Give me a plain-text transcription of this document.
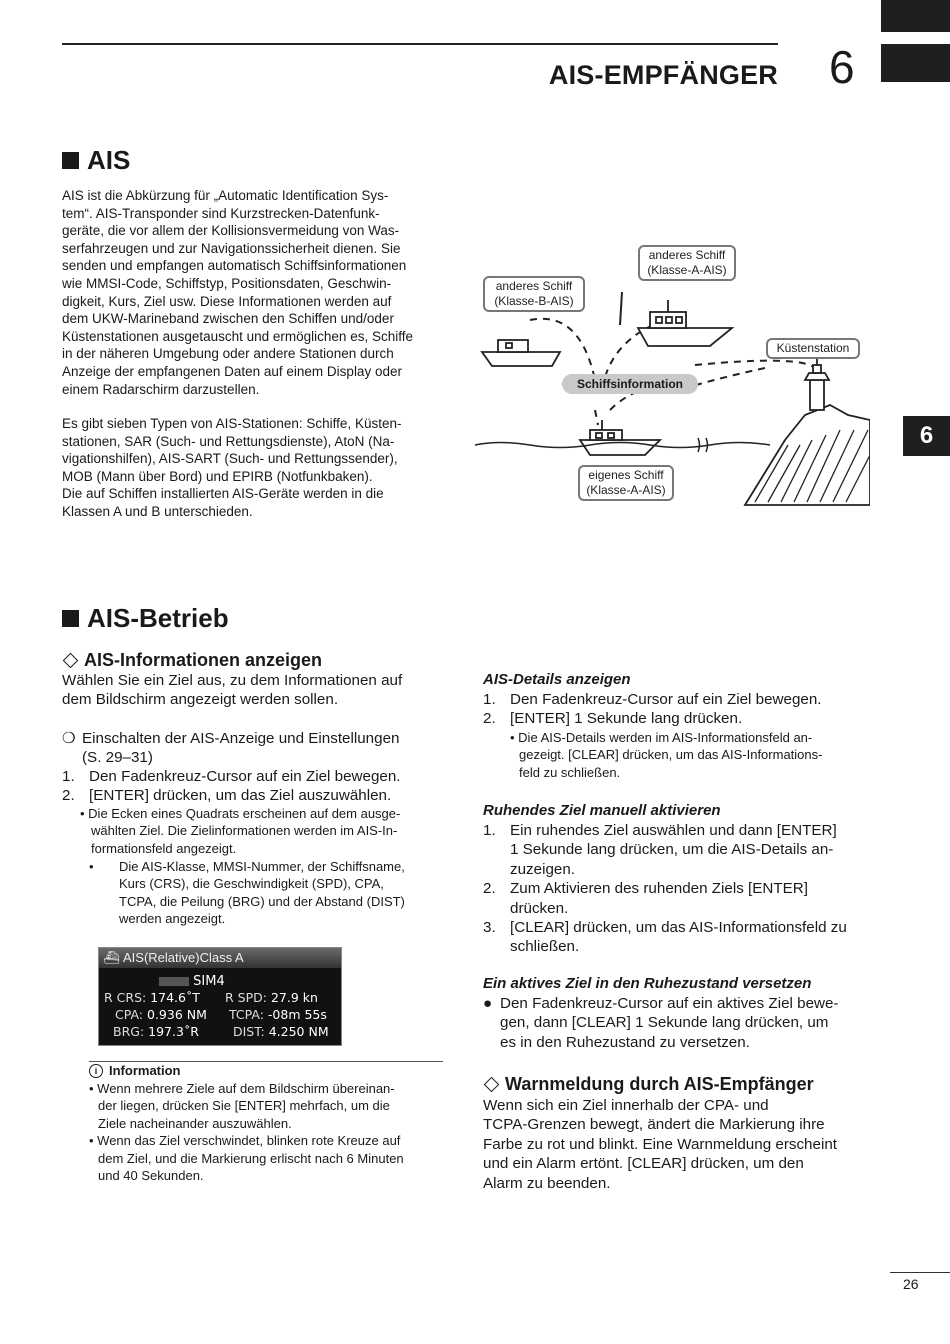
AIS-EMPFÄNGER 6
6
AIS
AIS ist die Abkürzung für „Automatic Identification Sys-
tem“. AIS-Transponder sind Kurzstrecken-Datenfunk-
geräte, die vor allem der Kollisionsvermeidung von Was-
serfahrzeugen und zur Navigationssicherheit dienen. Sie
senden und empfangen automatisch Schiffsinformationen
wie MMSI-Code, Schiffstyp, Positionsdaten, Geschwin-
digkeit, Kurs, Ziel usw. Diese Informationen werden auf
dem UKW-Marineband zwischen den Schiffen und/oder
Küstenstationen ausgetauscht und ermöglichen es, Schiffe
in der näheren Umgebung oder andere Stationen durch
Anzeige der empfangenen Daten auf einem Display oder
einem Radarschirm darzustellen.
Es gibt sieben Typen von AIS-Stationen: Schiffe, Küsten-
stationen, SAR (Such- und Rettungsdienste), AtoN (Na-
vigationshilfen), AIS-SART (Such- und Rettungssender),
MOB (Mann über Bord) und EPIRB (Notfunkbaken).
Die auf Schiffen installierten AIS-Geräte werden in die
Klassen A und B unterschieden.
anderes Schiff
(Klasse-B-AIS)
anderes Schiff
(Klasse-A-AIS)
Küstenstation
Schiffsinformation
eigenes Schiff
(Klasse-A-AIS)
AIS-Betrieb
AIS-Informationen anzeigen
Wählen Sie ein Ziel aus, zu dem Informationen auf
dem Bildschirm angezeigt werden sollen.
❍ Einschalten der AIS-Anzeige und Einstellungen
(S. 29–31)
1. Den Fadenkreuz-Cursor auf ein Ziel bewegen.
2. [ENTER] drücken, um das Ziel auszuwählen.
• Die Ecken eines Quadrats erscheinen auf dem ausge-
wählten Ziel. Die Zielinformationen werden im AIS-In-
formationsfeld angezeigt.
•	Die AIS-Klasse, MMSI-Nummer, der Schiffsname,
Kurs (CRS), die Geschwindigkeit (SPD), CPA,
TCPA, die Peilung (BRG) und der Abstand (DIST)
werden angezeigt.
⛴ AIS(Relative)Class A
SIM4
R CRS: 174.6˚T R SPD: 27.9 kn
CPA: 0.936 NM TCPA: -08m 55s
BRG: 197.3˚R	DIST: 4.250 NM
i Information
• Wenn mehrere Ziele auf dem Bildschirm übereinan-
der liegen, drücken Sie [ENTER] mehrfach, um die
Ziele nacheinander auszuwählen.
• Wenn das Ziel verschwindet, blinken rote Kreuze auf
dem Ziel, und die Markierung erlischt nach 6 Minuten
und 40 Sekunden.
AIS-Details anzeigen
1. Den Fadenkreuz-Cursor auf ein Ziel bewegen.
2. [ENTER] 1 Sekunde lang drücken.
• Die AIS-Details werden im AIS-Informationsfeld an-
gezeigt. [CLEAR] drücken, um das AIS-Informations-
feld zu schließen.
Ruhendes Ziel manuell aktivieren
1. Ein ruhendes Ziel auswählen und dann [ENTER]
1 Sekunde lang drücken, um die AIS-Details an-
zuzeigen.
2. Zum Aktivieren des ruhenden Ziels [ENTER]
drücken.
3. [CLEAR] drücken, um das AIS-Informationsfeld zu
schließen.
Ein aktives Ziel in den Ruhezustand versetzen
● Den Fadenkreuz-Cursor auf ein aktives Ziel bewe-
gen, dann [CLEAR] 1 Sekunde lang drücken, um
es in den Ruhezustand zu versetzen.
Warnmeldung durch AIS-Empfänger
Wenn sich ein Ziel innerhalb der CPA- und
TCPA-Grenzen bewegt, ändert die Markierung ihre
Farbe zu rot und blinkt. Eine Warnmeldung erscheint
und ein Alarm ertönt. [CLEAR] drücken, um den
Alarm zu beenden.
26
